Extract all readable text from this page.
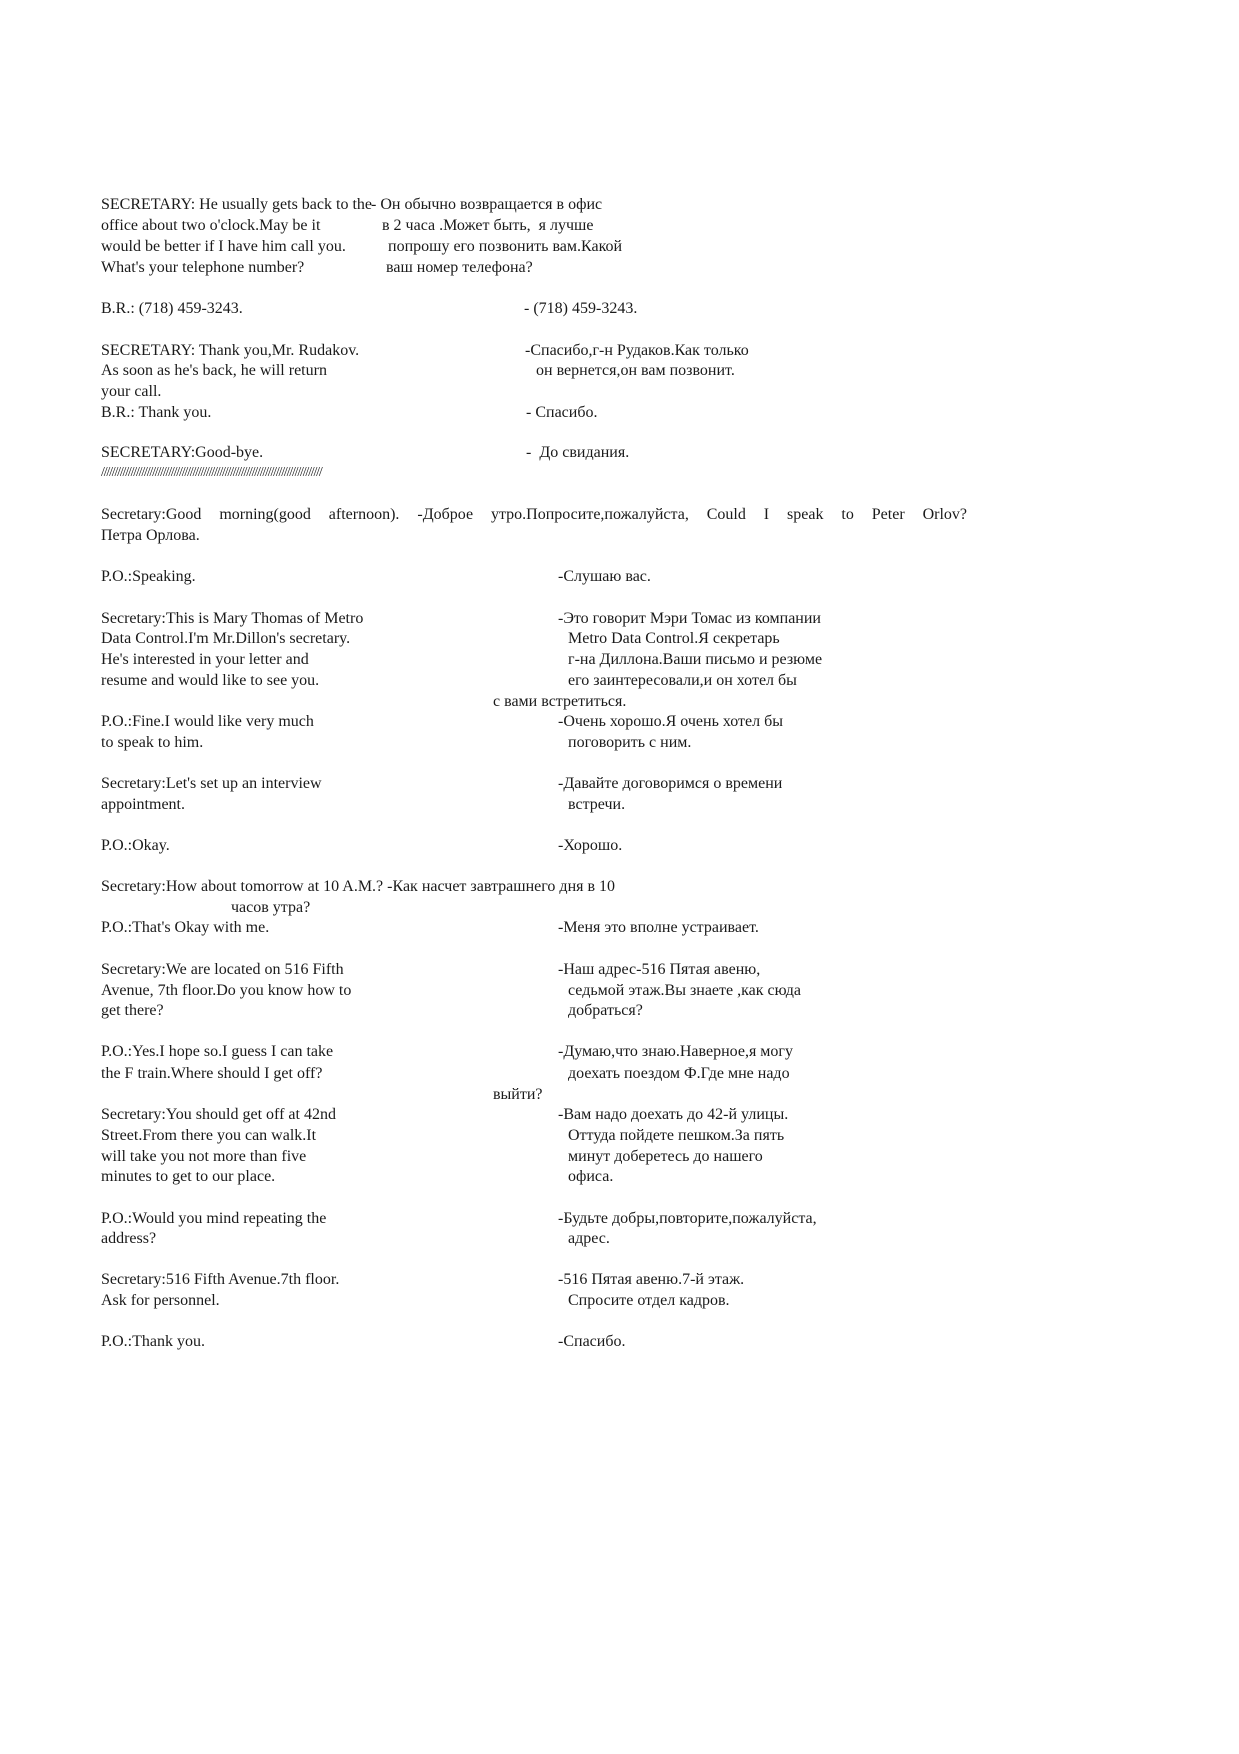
SECRETARY: He usually gets back to the - Он обычно возвращается в офис
office about two o'clock.May be it	в 2 часа .Может быть,  я лучше
would be better if I have him call you.	попрошу его позвонить вам.Какой
What's your telephone number?	ваш номер телефона?
B.R.: (718) 459-3243.	- (718) 459-3243.
SECRETARY: Thank you,Mr. Rudakov.	-Спасибо,г-н Рудаков.Как только
As soon as he's back, he will return	он вернется,он вам позвонит.
your call.
B.R.: Thank you.	- Спасибо.
SECRETARY:Good-bye.	-  До свидания.
//////////////////////////////////////////////////////////////////////////////////
Secretary:Good morning(good afternoon). -Доброе утро.Попросите,пожалуйста, Could I speak to Peter Orlov?
Петра Орлова.
P.O.:Speaking.	-Слушаю вас.
Secretary:This is Mary Thomas of Metro	-Это говорит Мэри Томас из компании
Data Control.I'm Mr.Dillon's secretary.	Metro Data Control.Я секретарь
He's interested in your letter and	г-на Диллона.Ваши письмо и резюме
resume and would like to see you.	его заинтересовали,и он хотел бы
с вами встретиться.
P.O.:Fine.I would like very much	-Очень хорошо.Я очень хотел бы
to speak to him.	поговорить с ним.
Secretary:Let's set up an interview	-Давайте договоримся о времени
appointment.	встречи.
P.O.:Okay.	-Хорошо.
Secretary:How about tomorrow at 10 A.M.? -Как насчет завтрашнего дня в 10
часов утра?
P.O.:That's Okay with me.	-Меня это вполне устраивает.
Secretary:We are located on 516 Fifth	-Наш адрес-516 Пятая авеню,
Avenue, 7th floor.Do you know how to	седьмой этаж.Вы знаете ,как сюда
get there?	добраться?
P.O.:Yes.I hope so.I guess I can take	-Думаю,что знаю.Наверное,я могу
the F train.Where should I get off?	доехать поездом Ф.Где мне надо
выйти?
Secretary:You should get off at 42nd	-Вам надо доехать до 42-й улицы.
Street.From there you can walk.It	Оттуда пойдете пешком.За пять
will take you not more than five	минут доберетесь до нашего
minutes to get to our place.	офиса.
P.O.:Would you mind repeating the	-Будьте добры,повторите,пожалуйста,
address?	адрес.
Secretary:516 Fifth Avenue.7th floor.	-516 Пятая авеню.7-й этаж.
Ask for personnel.	Спросите отдел кадров.
P.O.:Thank you.	-Спасибо.
